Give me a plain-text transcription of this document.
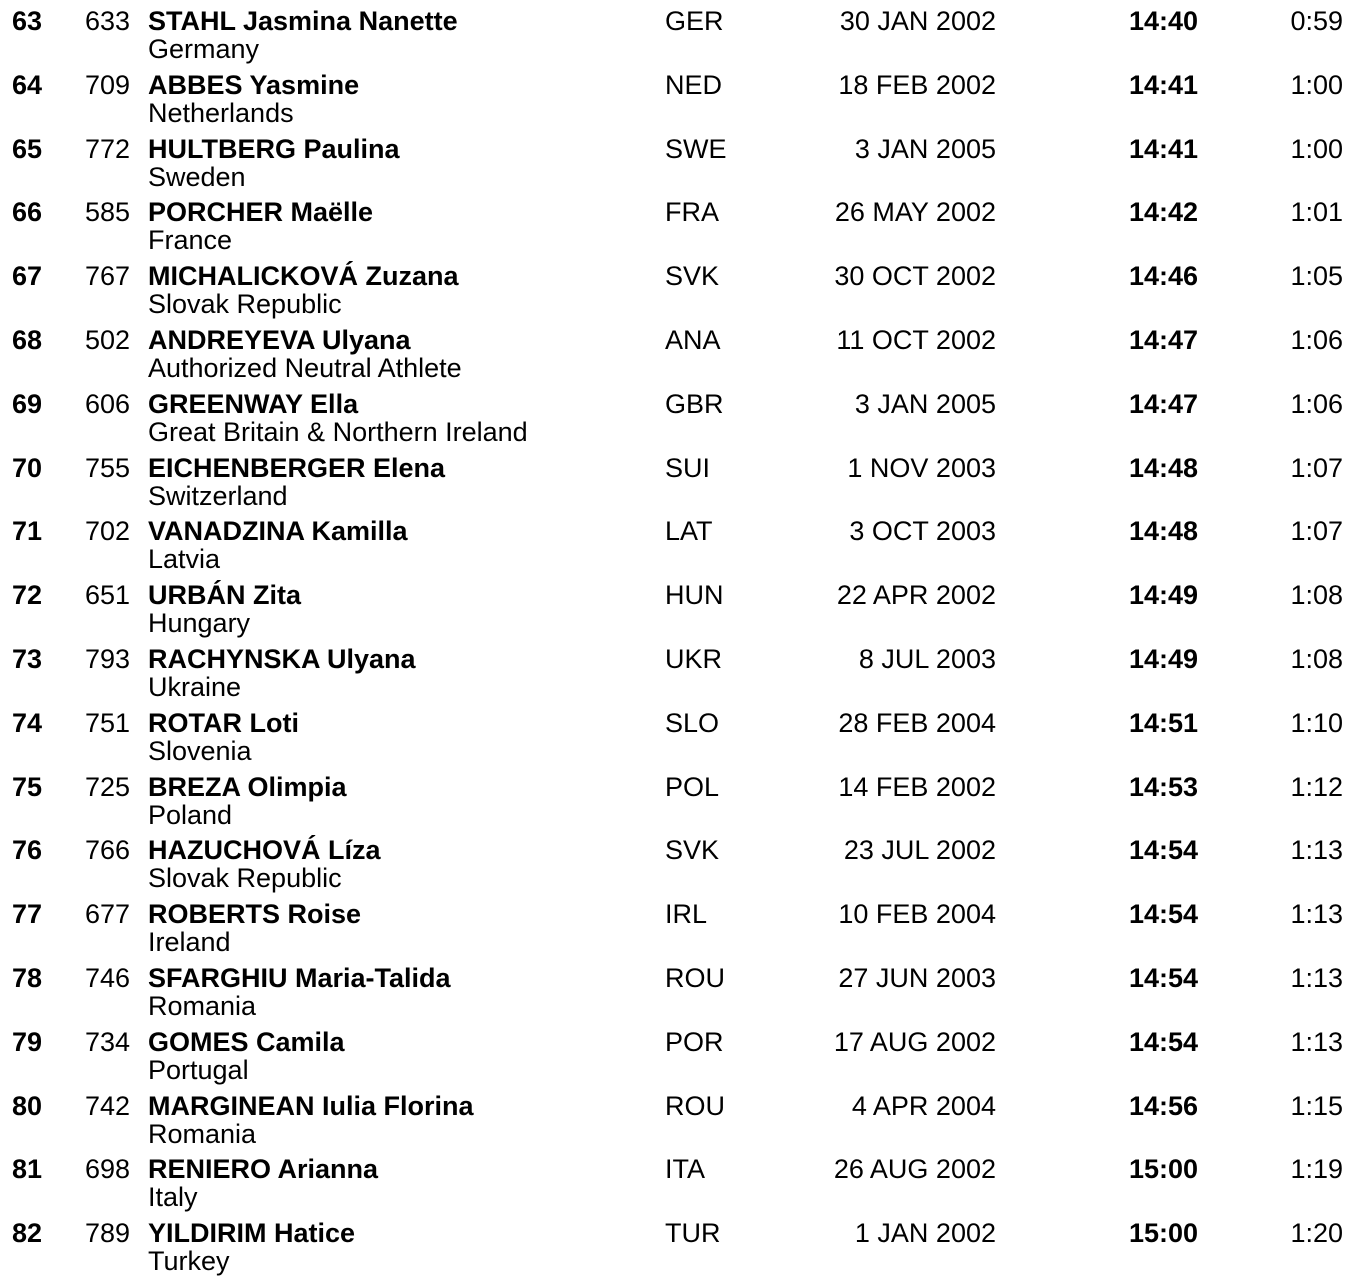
63	633 STAHL Jasmina Nanette
Germany
GER	30 JAN 2002	14:40	0:59
64	709 ABBES Yasmine
Netherlands
NED	18 FEB 2002	14:41	1:00
65	772 HULTBERG Paulina
Sweden
SWE	3 JAN 2005	14:41	1:00
66	585 PORCHER Maëlle
France
FRA	26 MAY 2002	14:42	1:01
67	767 MICHALICKOVÁ Zuzana
Slovak Republic
SVK	30 OCT 2002	14:46	1:05
68	502 ANDREYEVA Ulyana
Authorized Neutral Athlete
ANA	11 OCT 2002	14:47	1:06
69	606 GREENWAY Ella
Great Britain & Northern Ireland
GBR	3 JAN 2005	14:47	1:06
70	755 EICHENBERGER Elena
Switzerland
SUI	1 NOV 2003	14:48	1:07
71	702 VANADZINA Kamilla
Latvia
LAT	3 OCT 2003	14:48	1:07
72	651 URBÁN Zita
Hungary
HUN	22 APR 2002	14:49	1:08
73	793 RACHYNSKA Ulyana
Ukraine
UKR	8 JUL 2003	14:49	1:08
74	751 ROTAR Loti
Slovenia
SLO	28 FEB 2004	14:51	1:10
75	725 BREZA Olimpia
Poland
POL	14 FEB 2002	14:53	1:12
76	766 HAZUCHOVÁ Líza
Slovak Republic
SVK	23 JUL 2002	14:54	1:13
77	677 ROBERTS Roise
Ireland
IRL	10 FEB 2004	14:54	1:13
78	746 SFARGHIU Maria-Talida
Romania
ROU	27 JUN 2003	14:54	1:13
79	734 GOMES Camila
Portugal
POR	17 AUG 2002	14:54	1:13
80	742 MARGINEAN Iulia Florina
Romania
ROU	4 APR 2004	14:56	1:15
81	698 RENIERO Arianna
Italy
ITA	26 AUG 2002	15:00	1:19
82	789 YILDIRIM Hatice
Turkey
TUR	1 JAN 2002	15:00	1:20
